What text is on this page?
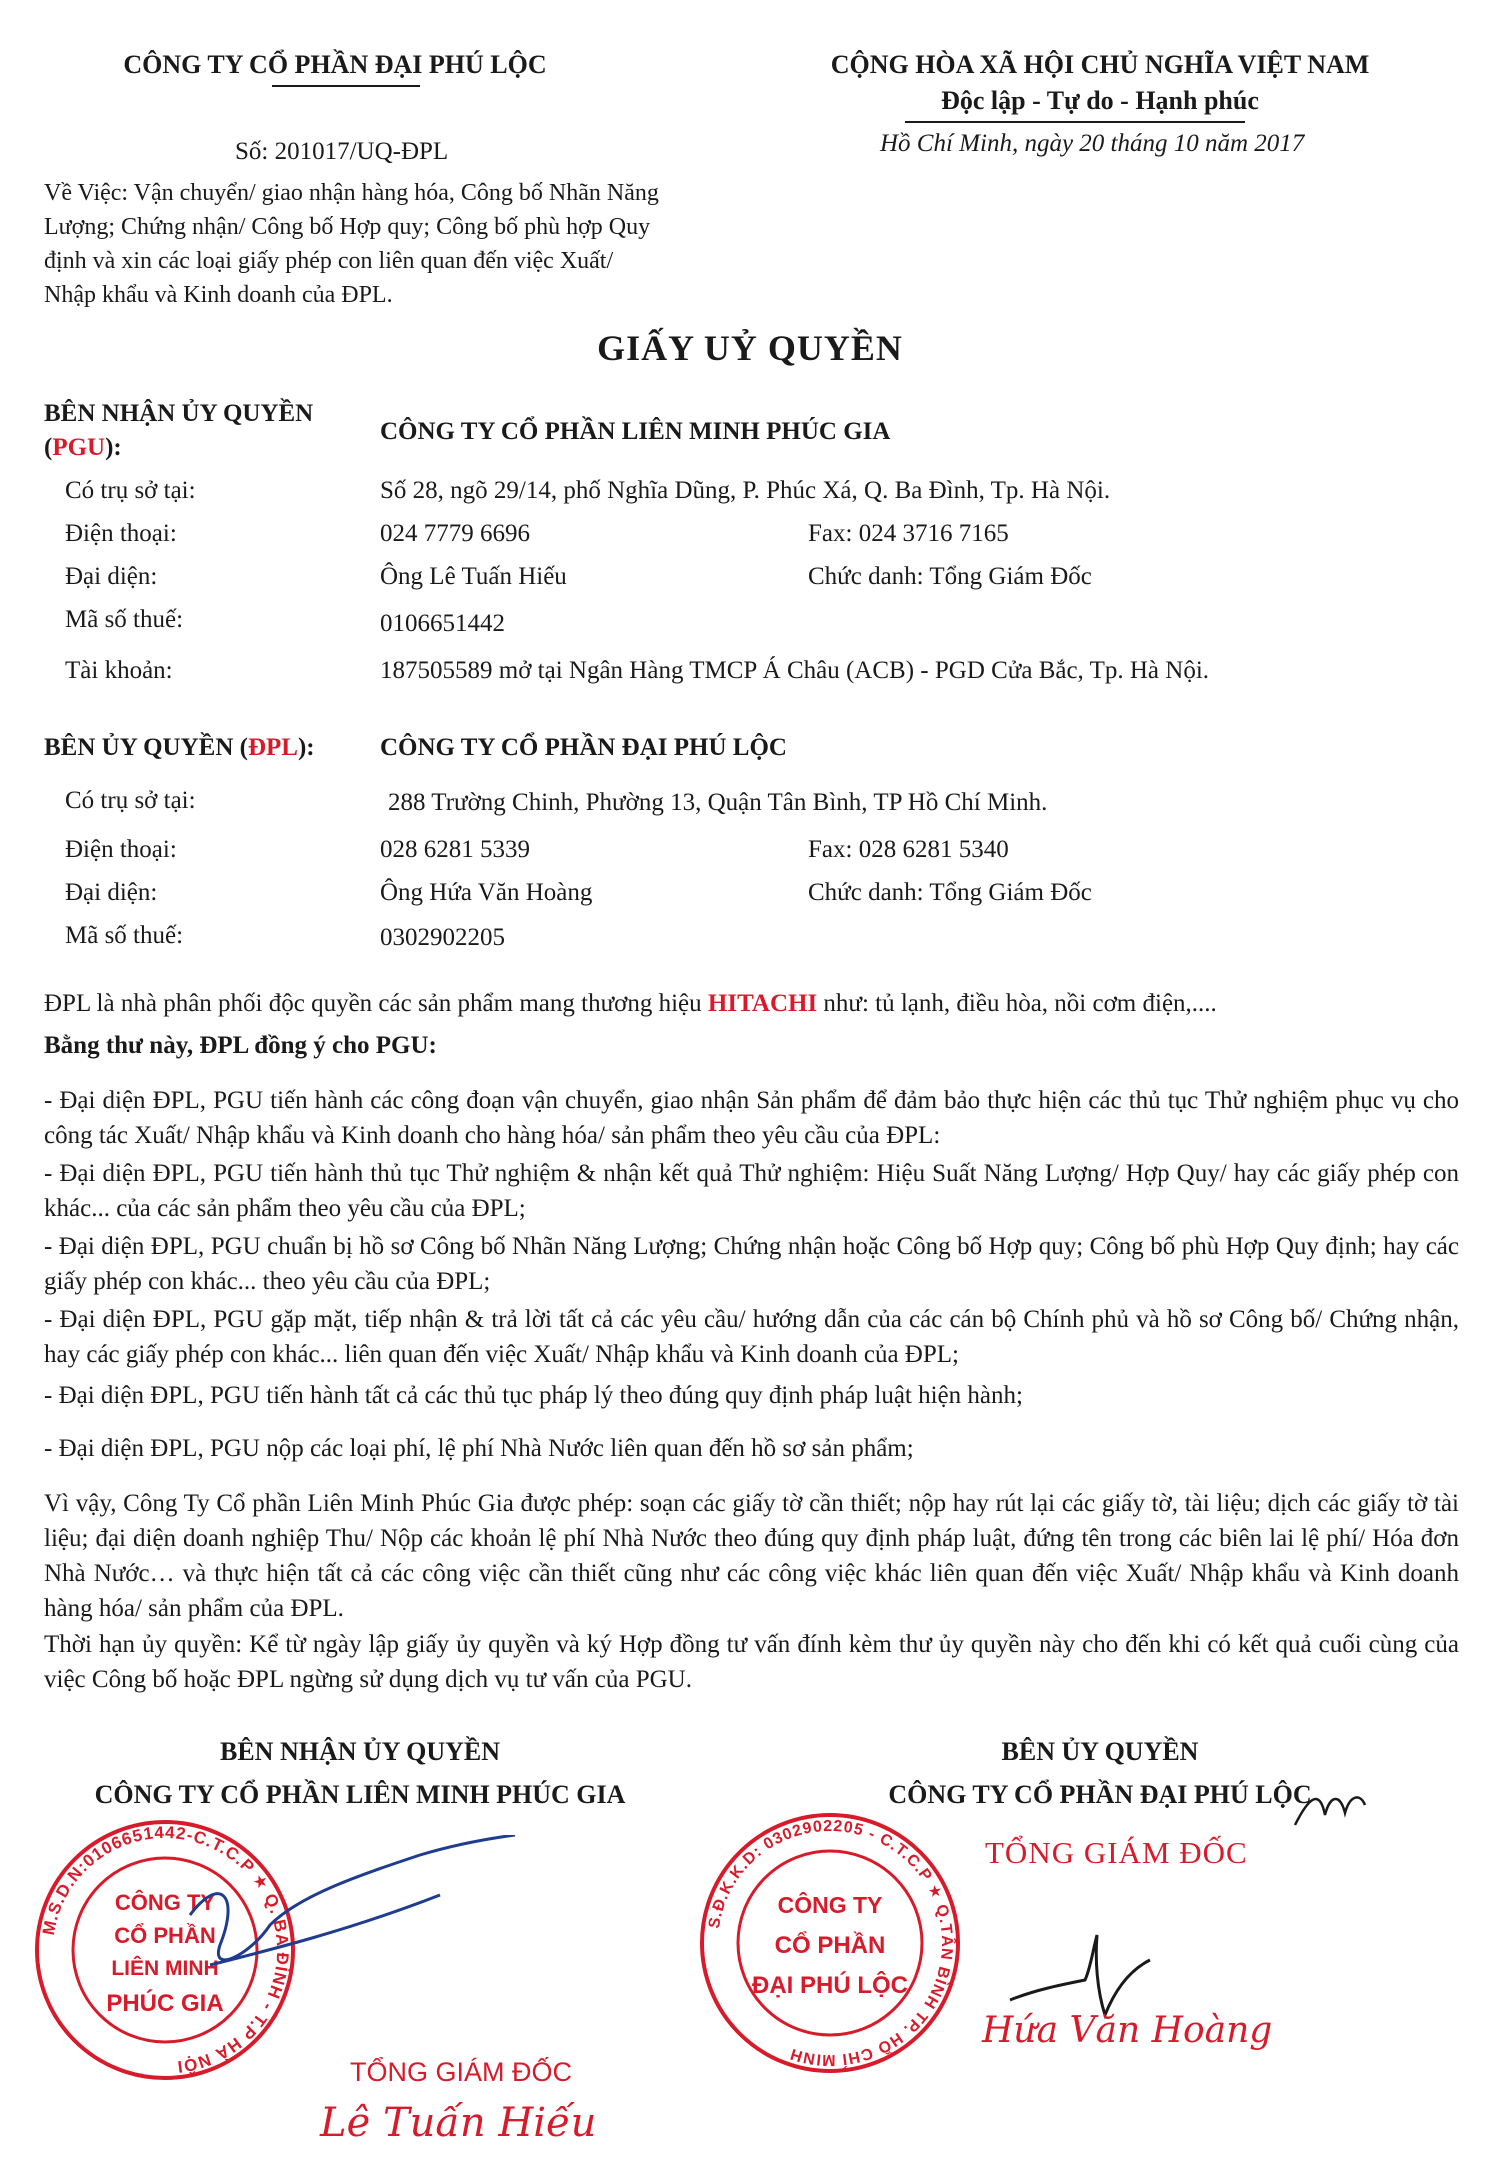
CÔNG TY CỔ PHẦN ĐẠI PHÚ LỘC	CỘNG HÒA XÃ HỘI CHỦ NGHĨA VIỆT NAM
Độc lập - Tự do - Hạnh phúc
Số: 201017/UQ-ĐPL	Hồ Chí Minh, ngày 20 tháng 10 năm 2017
Về Việc: Vận chuyển/ giao nhận hàng hóa, Công bố Nhãn Năng
Lượng; Chứng nhận/ Công bố Hợp quy; Công bố phù hợp Quy
định và xin các loại giấy phép con liên quan đến việc Xuất/
Nhập khẩu và Kinh doanh của ĐPL.
GIẤY UỶ QUYỀN
BÊN NHẬN ỦY QUYỀN
(PGU):
CÔNG TY CỔ PHẦN LIÊN MINH PHÚC GIA
Có trụ sở tại:	Số 28, ngõ 29/14, phố Nghĩa Dũng, P. Phúc Xá, Q. Ba Đình, Tp. Hà Nội.
Điện thoại:	024 7779 6696	Fax: 024 3716 7165
Đại diện:	Ông Lê Tuấn Hiếu	Chức danh: Tổng Giám Đốc
Mã số thuế:	0106651442
Tài khoản:	187505589 mở tại Ngân Hàng TMCP Á Châu (ACB) - PGD Cửa Bắc, Tp. Hà Nội.
BÊN ỦY QUYỀN (ĐPL):	CÔNG TY CỔ PHẦN ĐẠI PHÚ LỘC
Có trụ sở tại:	288 Trường Chinh, Phường 13, Quận Tân Bình, TP Hồ Chí Minh.
Điện thoại:	028 6281 5339	Fax: 028 6281 5340
Đại diện:	Ông Hứa Văn Hoàng	Chức danh: Tổng Giám Đốc
Mã số thuế:	0302902205
ĐPL là nhà phân phối độc quyền các sản phẩm mang thương hiệu HITACHI như: tủ lạnh, điều hòa, nồi cơm điện,....
Bằng thư này, ĐPL đồng ý cho PGU:
- Đại diện ĐPL, PGU tiến hành các công đoạn vận chuyển, giao nhận Sản phẩm để đảm bảo thực hiện các thủ tục Thử nghiệm phục vụ cho công tác Xuất/ Nhập khẩu và Kinh doanh cho hàng hóa/ sản phẩm theo yêu cầu của ĐPL:
- Đại diện ĐPL, PGU tiến hành thủ tục Thử nghiệm & nhận kết quả Thử nghiệm: Hiệu Suất Năng Lượng/ Hợp Quy/ hay các giấy phép con khác... của các sản phẩm theo yêu cầu của ĐPL;
- Đại diện ĐPL, PGU chuẩn bị hồ sơ Công bố Nhãn Năng Lượng; Chứng nhận hoặc Công bố Hợp quy; Công bố phù Hợp Quy định; hay các giấy phép con khác... theo yêu cầu của ĐPL;
- Đại diện ĐPL, PGU gặp mặt, tiếp nhận & trả lời tất cả các yêu cầu/ hướng dẫn của các cán bộ Chính phủ và hồ sơ Công bố/ Chứng nhận, hay các giấy phép con khác... liên quan đến việc Xuất/ Nhập khẩu và Kinh doanh của ĐPL;
- Đại diện ĐPL, PGU tiến hành tất cả các thủ tục pháp lý theo đúng quy định pháp luật hiện hành;
- Đại diện ĐPL, PGU nộp các loại phí, lệ phí Nhà Nước liên quan đến hồ sơ sản phẩm;
Vì vậy, Công Ty Cổ phần Liên Minh Phúc Gia được phép: soạn các giấy tờ cần thiết; nộp hay rút lại các giấy tờ, tài liệu; dịch các giấy tờ tài liệu; đại diện doanh nghiệp Thu/ Nộp các khoản lệ phí Nhà Nước theo đúng quy định pháp luật, đứng tên trong các biên lai lệ phí/ Hóa đơn Nhà Nước… và thực hiện tất cả các công việc cần thiết cũng như các công việc khác liên quan đến việc Xuất/ Nhập khẩu và Kinh doanh hàng hóa/ sản phẩm của ĐPL.
Thời hạn ủy quyền: Kể từ ngày lập giấy ủy quyền và ký Hợp đồng tư vấn đính kèm thư ủy quyền này cho đến khi có kết quả cuối cùng của việc Công bố hoặc ĐPL ngừng sử dụng dịch vụ tư vấn của PGU.
BÊN NHẬN ỦY QUYỀN
CÔNG TY CỔ PHẦN LIÊN MINH PHÚC GIA
BÊN ỦY QUYỀN
CÔNG TY CỔ PHẦN ĐẠI PHÚ LỘC
M.S.D.N:0106651442-C.T.C.P ★ Q. BA ĐÌNH - T.P HÀ NỘI
CÔNG TY
CỔ PHẦN
LIÊN MINH
PHÚC GIA
TỔNG GIÁM ĐỐC
Lê Tuấn Hiếu
S.Đ.K.K.D: 0302902205 - C.T.C.P ★ Q.TÂN BÌNH TP. HỒ CHÍ MINH
CÔNG TY
CỔ PHẦN
ĐẠI PHÚ LỘC
TỔNG GIÁM ĐỐC
Hứa Văn Hoàng
